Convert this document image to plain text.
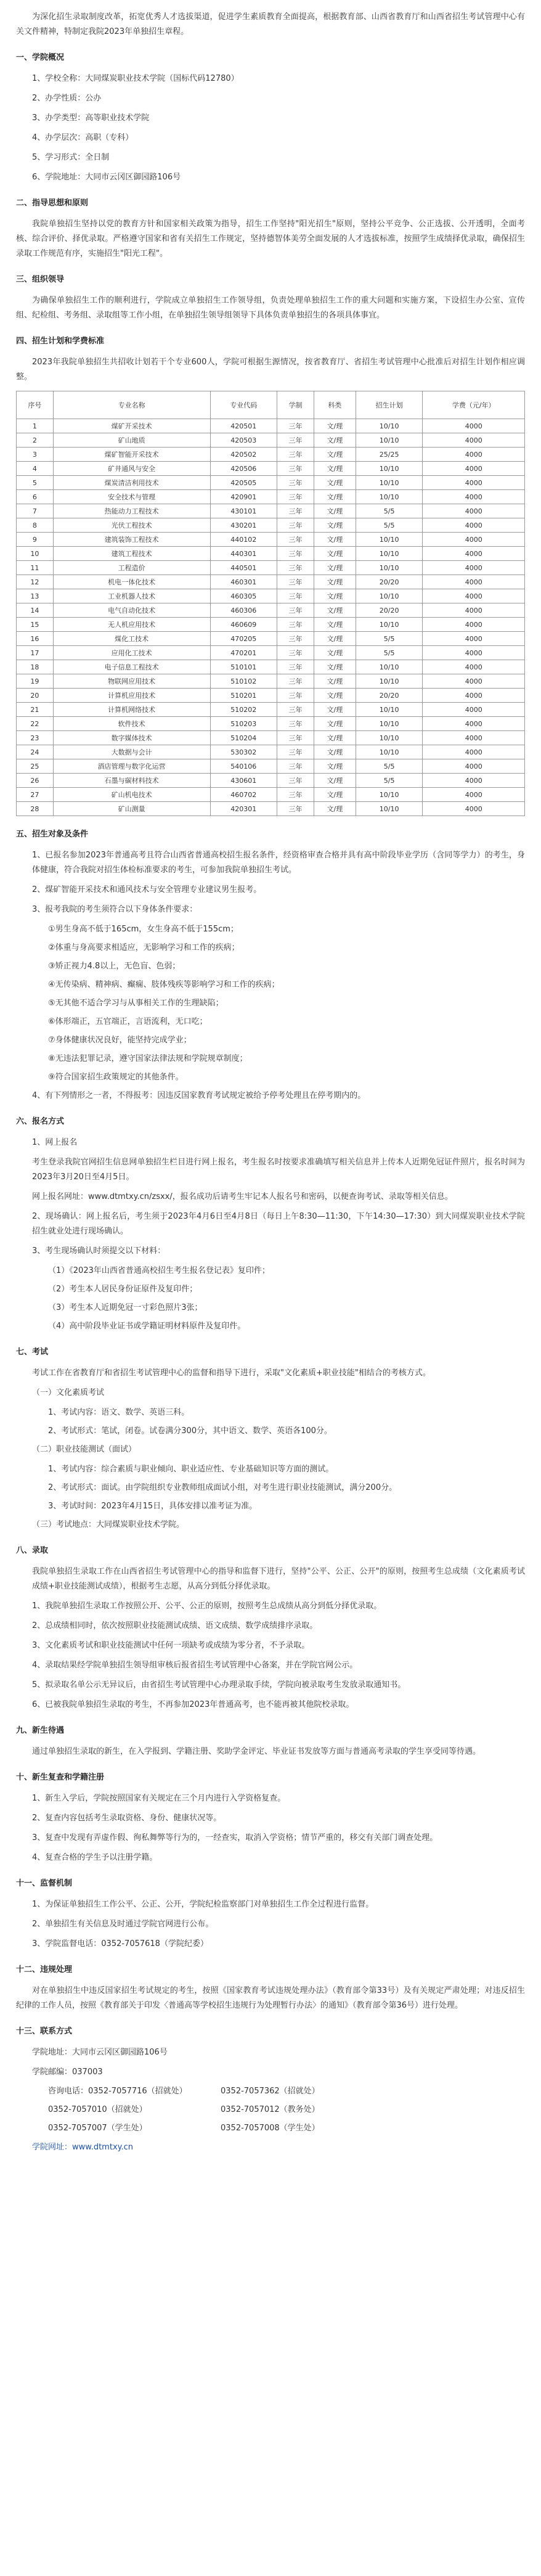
为深化招生录取制度改革，拓宽优秀人才选拔渠道，促进学生素质教育全面提高，根据教育部、山西省教育厅和山西省招生考试管理中心有关文件精神，特制定我院2023年单独招生章程。

一、学院概况

1、学校全称：大同煤炭职业技术学院（国标代码12780）

2、办学性质：公办

3、办学类型：高等职业技术学院

4、办学层次：高职（专科）

5、学习形式：全日制

6、学院地址：大同市云冈区御园路106号

二、指导思想和原则

我院单独招生坚持以党的教育方针和国家相关政策为指导，招生工作坚持"阳光招生"原则，坚持公平竞争、公正选拔、公开透明，全面考核、综合评价、择优录取。严格遵守国家和省有关招生工作规定，坚持德智体美劳全面发展的人才选拔标准，按照学生成绩择优录取，确保招生录取工作规范有序，实施招生"阳光工程"。

三、组织领导

为确保单独招生工作的顺利进行，学院成立单独招生工作领导组，负责处理单独招生工作的重大问题和实施方案，下设招生办公室、宣传组、纪检组、考务组、录取组等工作小组，在单独招生领导组领导下具体负责单独招生的各项具体事宜。

四、招生计划和学费标准

2023年我院单独招生共招收计划若干个专业600人，学院可根据生源情况，按省教育厅、省招生考试管理中心批准后对招生计划作相应调整。

序号	专业名称	专业代码	学制	科类	招生计划	学费（元/年）
1	煤矿开采技术	420501	三年	文/理	10/10	4000
2	矿山地质	420503	三年	文/理	10/10	4000
3	煤矿智能开采技术	420502	三年	文/理	25/25	4000
4	矿井通风与安全	420506	三年	文/理	10/10	4000
5	煤炭清洁利用技术	420505	三年	文/理	10/10	4000
6	安全技术与管理	420901	三年	文/理	10/10	4000
7	热能动力工程技术	430101	三年	文/理	5/5	4000
8	光伏工程技术	430201	三年	文/理	5/5	4000
9	建筑装饰工程技术	440102	三年	文/理	10/10	4000
10	建筑工程技术	440301	三年	文/理	10/10	4000
11	工程造价	440501	三年	文/理	10/10	4000
12	机电一体化技术	460301	三年	文/理	20/20	4000
13	工业机器人技术	460305	三年	文/理	10/10	4000
14	电气自动化技术	460306	三年	文/理	20/20	4000
15	无人机应用技术	460609	三年	文/理	10/10	4000
16	煤化工技术	470205	三年	文/理	5/5	4000
17	应用化工技术	470201	三年	文/理	5/5	4000
18	电子信息工程技术	510101	三年	文/理	10/10	4000
19	物联网应用技术	510102	三年	文/理	10/10	4000
20	计算机应用技术	510201	三年	文/理	20/20	4000
21	计算机网络技术	510202	三年	文/理	10/10	4000
22	软件技术	510203	三年	文/理	10/10	4000
23	数字媒体技术	510204	三年	文/理	10/10	4000
24	大数据与会计	530302	三年	文/理	10/10	4000
25	酒店管理与数字化运营	540106	三年	文/理	5/5	4000
26	石墨与碳材料技术	430601	三年	文/理	5/5	4000
27	矿山机电技术	460702	三年	文/理	10/10	4000
28	矿山测量	420301	三年	文/理	10/10	4000

五、招生对象及条件

1、已报名参加2023年普通高考且符合山西省普通高校招生报名条件，经资格审查合格并具有高中阶段毕业学历（含同等学力）的考生，身体健康，符合我院对招生体检标准要求的考生，可参加我院单独招生考试。

2、煤矿智能开采技术和通风技术与安全管理专业建议男生报考。

3、报考我院的考生须符合以下身体条件要求：

①男生身高不低于165cm，女生身高不低于155cm；

②体重与身高要求相适应，无影响学习和工作的疾病；

③矫正视力4.8以上，无色盲、色弱；

④无传染病、精神病、癫痫、肢体残疾等影响学习和工作的疾病；

⑤无其他不适合学习与从事相关工作的生理缺陷；

⑥体形端正，五官端正，言语流利，无口吃；

⑦身体健康状况良好，能坚持完成学业；

⑧无违法犯罪记录，遵守国家法律法规和学院规章制度；

⑨符合国家招生政策规定的其他条件。

4、有下列情形之一者，不得报考：因违反国家教育考试规定被给予停考处理且在停考期内的。

六、报名方式

1、网上报名

考生登录我院官网招生信息网单独招生栏目进行网上报名，考生报名时按要求准确填写相关信息并上传本人近期免冠证件照片，报名时间为2023年3月20日至4月5日。

网上报名网址：www.dtmtxy.cn/zsxx/，报名成功后请考生牢记本人报名号和密码，以便查询考试、录取等相关信息。

2、现场确认：网上报名后，考生须于2023年4月6日至4月8日（每日上午8:30—11:30，下午14:30—17:30）到大同煤炭职业技术学院招生就业处进行现场确认。

3、考生现场确认时须提交以下材料：

（1）《2023年山西省普通高校招生考生报名登记表》复印件；

（2）考生本人居民身份证原件及复印件；

（3）考生本人近期免冠一寸彩色照片3张；

（4）高中阶段毕业证书或学籍证明材料原件及复印件。

七、考试

考试工作在省教育厅和省招生考试管理中心的监督和指导下进行，采取"文化素质+职业技能"相结合的考核方式。

（一）文化素质考试

1、考试内容：语文、数学、英语三科。

2、考试形式：笔试，闭卷。试卷满分300分，其中语文、数学、英语各100分。

（二）职业技能测试（面试）

1、考试内容：综合素质与职业倾向、职业适应性、专业基础知识等方面的测试。

2、考试形式：面试。由学院组织专业教师组成面试小组，对考生进行职业技能测试，满分200分。

3、考试时间：2023年4月15日，具体安排以准考证为准。

（三）考试地点：大同煤炭职业技术学院。

八、录取

我院单独招生录取工作在山西省招生考试管理中心的指导和监督下进行，坚持"公平、公正、公开"的原则，按照考生总成绩（文化素质考试成绩+职业技能测试成绩），根据考生志愿，从高分到低分择优录取。

1、我院单独招生录取工作按照公开、公平、公正的原则，按照考生总成绩从高分到低分择优录取。

2、总成绩相同时，依次按照职业技能测试成绩、语文成绩、数学成绩排序录取。

3、文化素质考试和职业技能测试中任何一项缺考或成绩为零分者，不予录取。

4、录取结果经学院单独招生领导组审核后报省招生考试管理中心备案，并在学院官网公示。

5、拟录取名单公示无异议后，由省招生考试管理中心办理录取手续，学院向被录取考生发放录取通知书。

6、已被我院单独招生录取的考生，不再参加2023年普通高考，也不能再被其他院校录取。

九、新生待遇

通过单独招生录取的新生，在入学报到、学籍注册、奖助学金评定、毕业证书发放等方面与普通高考录取的学生享受同等待遇。

十、新生复查和学籍注册

1、新生入学后，学院按照国家有关规定在三个月内进行入学资格复查。

2、复查内容包括考生录取资格、身份、健康状况等。

3、复查中发现有弄虚作假、徇私舞弊等行为的，一经查实，取消入学资格；情节严重的，移交有关部门调查处理。

4、复查合格的学生予以注册学籍。

十一、监督机制

1、为保证单独招生工作公平、公正、公开，学院纪检监察部门对单独招生工作全过程进行监督。

2、单独招生有关信息及时通过学院官网进行公布。

3、学院监督电话：0352-7057618（学院纪委）

十二、违规处理

对在单独招生中违反国家招生考试规定的考生，按照《国家教育考试违规处理办法》（教育部令第33号）及有关规定严肃处理；对违反招生纪律的工作人员，按照《教育部关于印发〈普通高等学校招生违规行为处理暂行办法〉的通知》（教育部令第36号）进行处理。

十三、联系方式

学院地址：大同市云冈区御园路106号

学院邮编：037003

咨询电话：0352-7057716（招就处）	0352-7057362（招就处）
0352-7057010（招就处）	0352-7057012（教务处）
0352-7057007（学生处）	0352-7057008（学生处）

学院网址：www.dtmtxy.cn
